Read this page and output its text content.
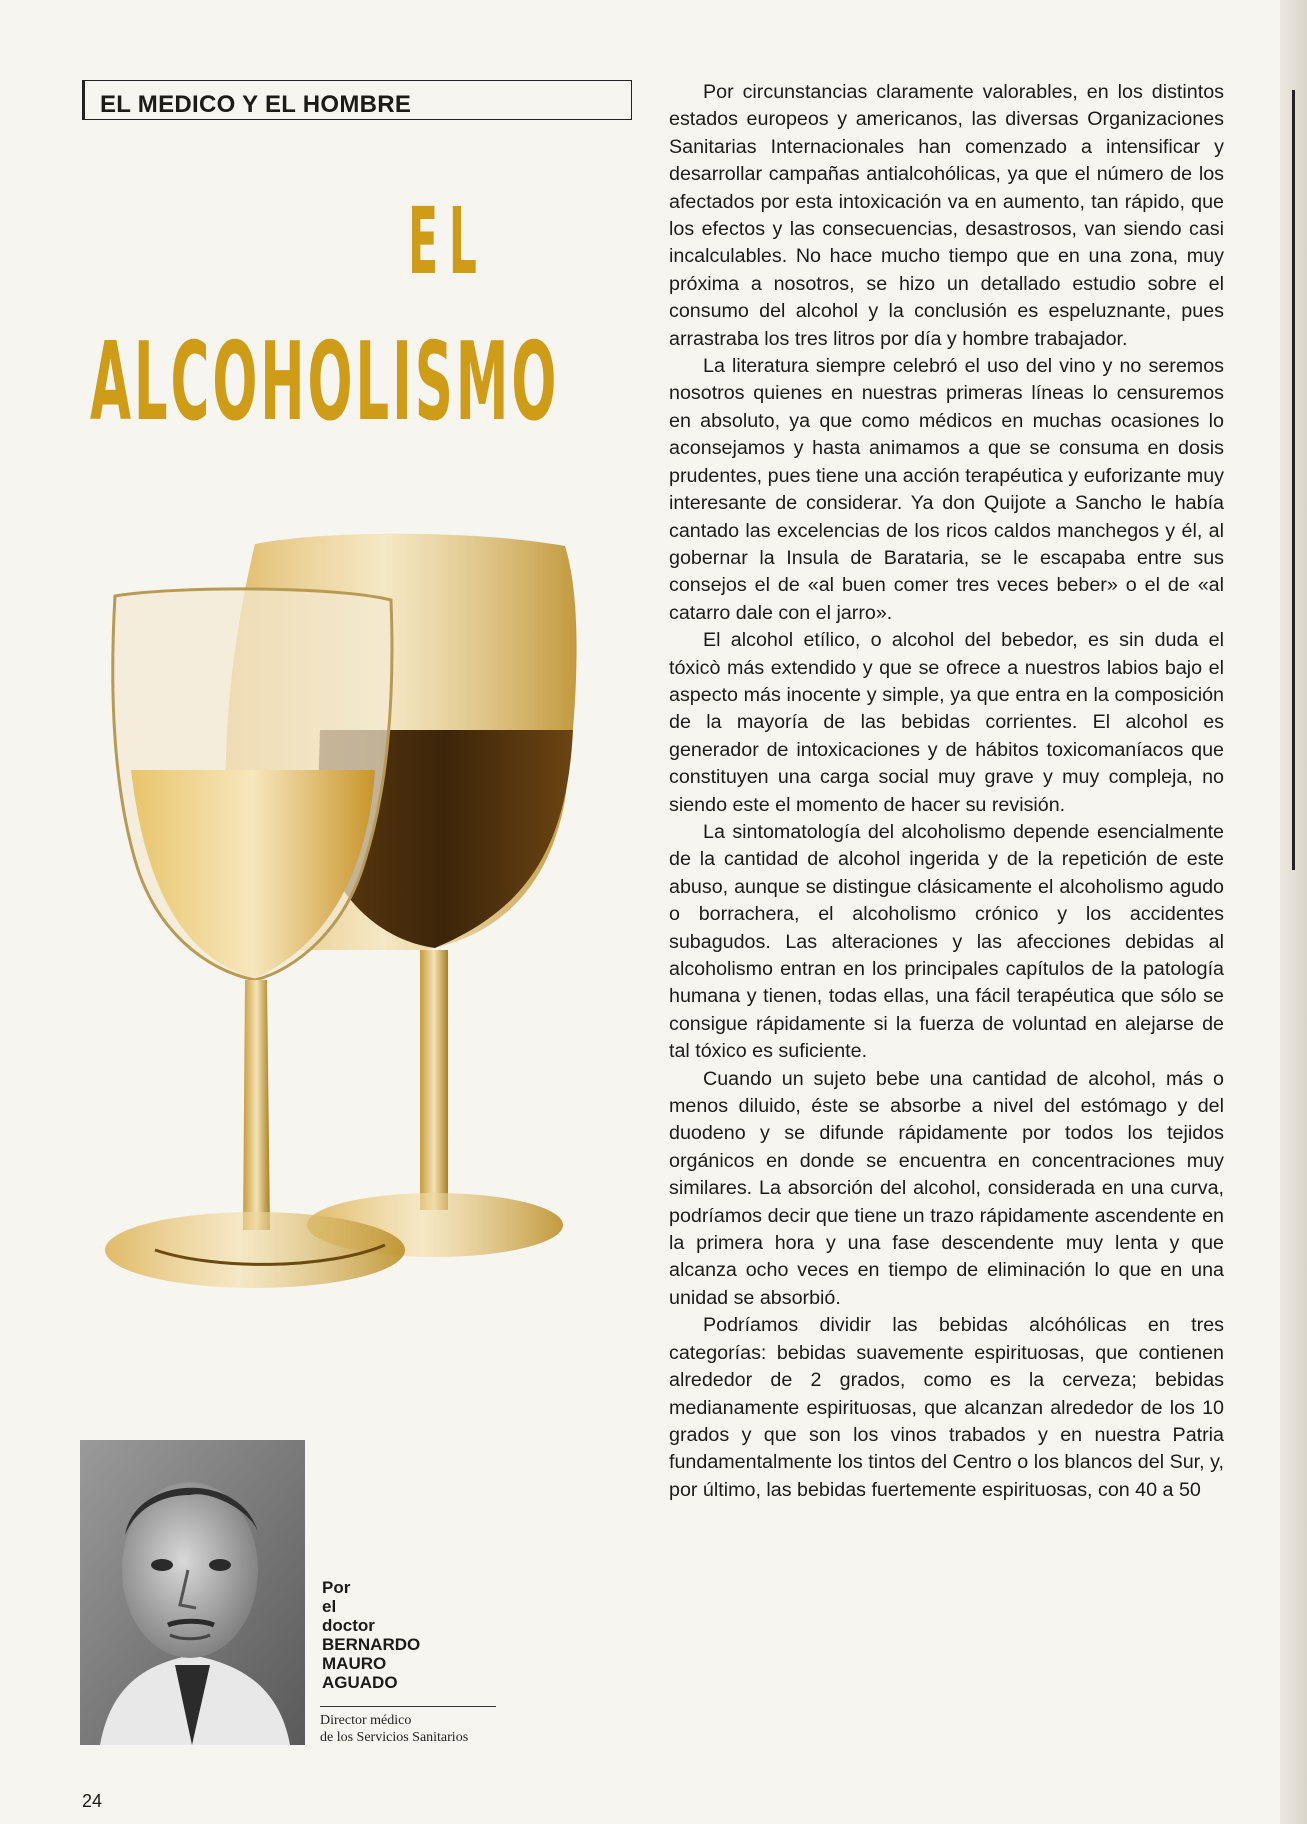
EL MEDICO Y EL HOMBRE
EL
ALCOHOLISMO
Por
el
doctor
BERNARDO
MAURO
AGUADO
Director médico
de los Servicios Sanitarios
24

Por circunstancias claramente valorables, en los distintos estados europeos y americanos, las diversas Organizaciones Sanitarias Internacionales han comenzado a intensificar y desarrollar campañas antialcohólicas, ya que el número de los afectados por esta intoxicación va en aumento, tan rápido, que los efectos y las consecuencias, desastrosos, van siendo casi incalculables. No hace mucho tiempo que en una zona, muy próxima a nosotros, se hizo un detallado estudio sobre el consumo del alcohol y la conclusión es espeluznante, pues arrastraba los tres litros por día y hombre trabajador.

La literatura siempre celebró el uso del vino y no seremos nosotros quienes en nuestras primeras líneas lo censuremos en absoluto, ya que como médicos en muchas ocasiones lo aconsejamos y hasta animamos a que se consuma en dosis prudentes, pues tiene una acción terapéutica y euforizante muy interesante de considerar. Ya don Quijote a Sancho le había cantado las excelencias de los ricos caldos manchegos y él, al gobernar la Insula de Barataria, se le escapaba entre sus consejos el de «al buen comer tres veces beber» o el de «al catarro dale con el jarro».

El alcohol etílico, o alcohol del bebedor, es sin duda el tóxicò más extendido y que se ofrece a nuestros labios bajo el aspecto más inocente y simple, ya que entra en la composición de la mayoría de las bebidas corrientes. El alcohol es generador de intoxicaciones y de hábitos toxicomaníacos que constituyen una carga social muy grave y muy compleja, no siendo este el momento de hacer su revisión.

La sintomatología del alcoholismo depende esencialmente de la cantidad de alcohol ingerida y de la repetición de este abuso, aunque se distingue clásicamente el alcoholismo agudo o borrachera, el alcoholismo crónico y los accidentes subagudos. Las alteraciones y las afecciones debidas al alcoholismo entran en los principales capítulos de la patología humana y tienen, todas ellas, una fácil terapéutica que sólo se consigue rápidamente si la fuerza de voluntad en alejarse de tal tóxico es suficiente.

Cuando un sujeto bebe una cantidad de alcohol, más o menos diluido, éste se absorbe a nivel del estómago y del duodeno y se difunde rápidamente por todos los tejidos orgánicos en donde se encuentra en concentraciones muy similares. La absorción del alcohol, considerada en una curva, podríamos decir que tiene un trazo rápidamente ascendente en la primera hora y una fase descendente muy lenta y que alcanza ocho veces en tiempo de eliminación lo que en una unidad se absorbió.

Podríamos dividir las bebidas alcóhólicas en tres categorías: bebidas suavemente espirituosas, que contienen alrededor de 2 grados, como es la cerveza; bebidas medianamente espirituosas, que alcanzan alrededor de los 10 grados y que son los vinos trabados y en nuestra Patria fundamentalmente los tintos del Centro o los blancos del Sur, y, por último, las bebidas fuertemente espirituosas, con 40 a 50
